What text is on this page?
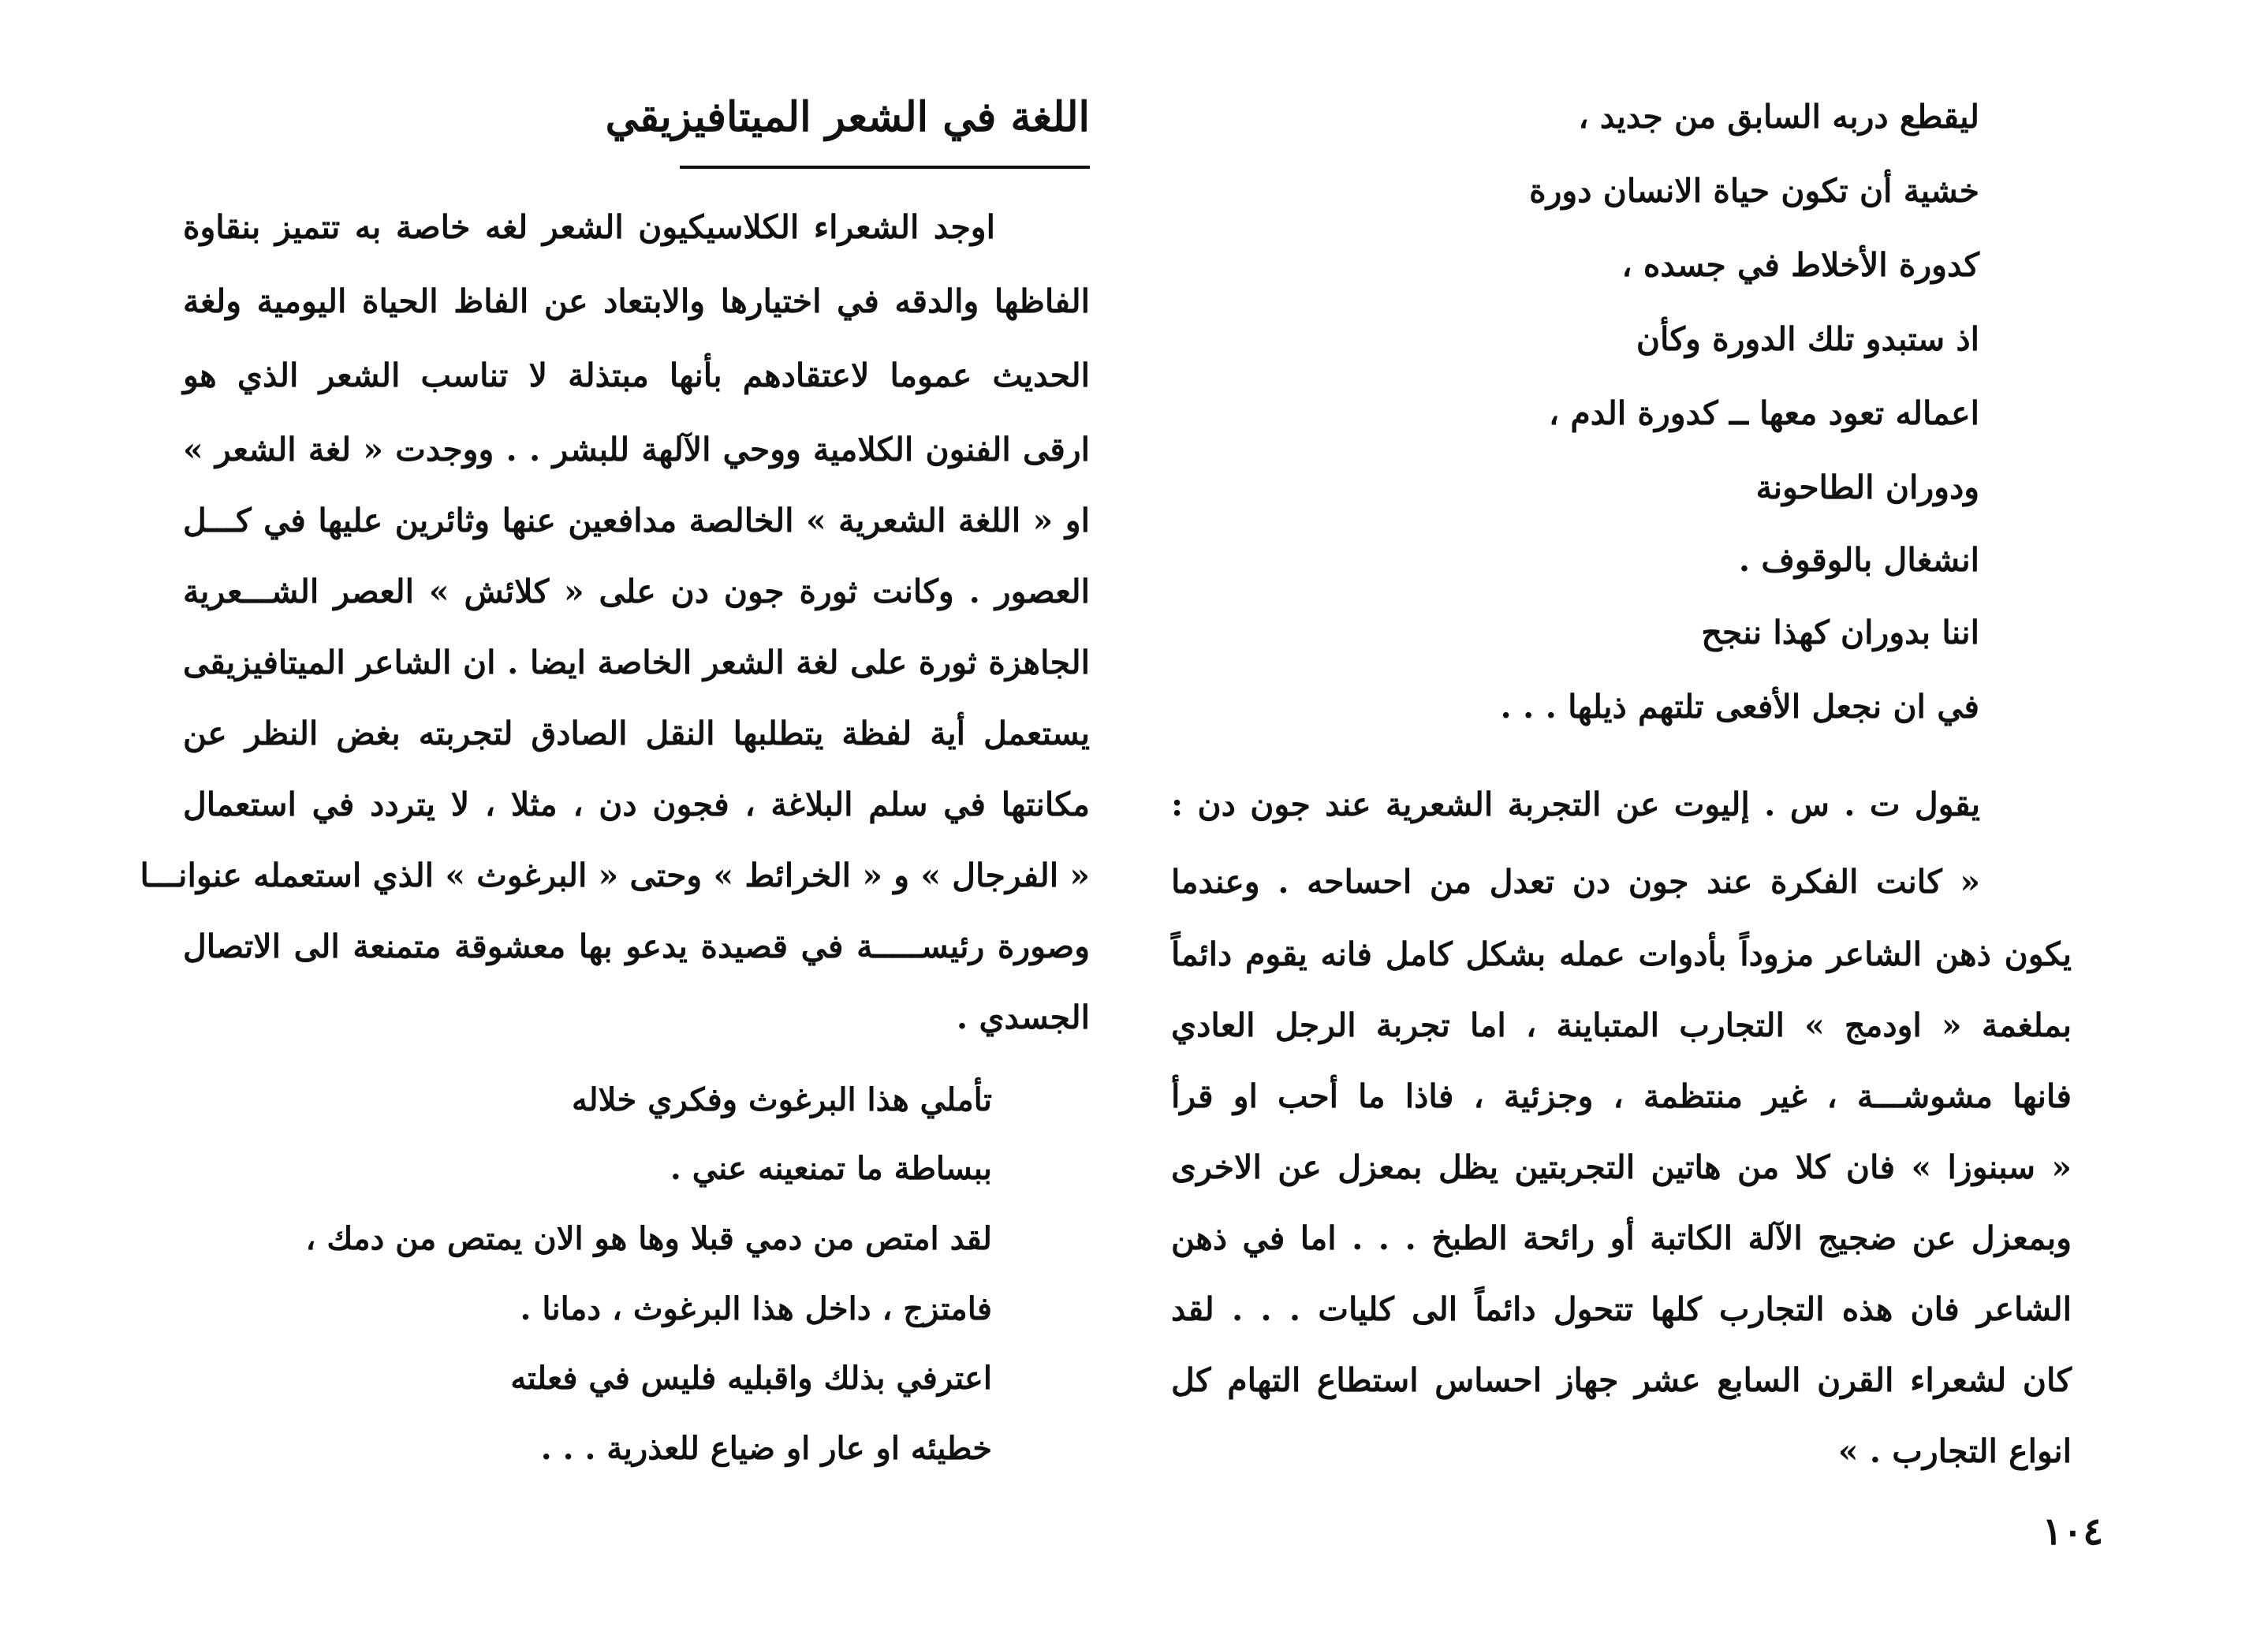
اللغة في الشعر الميتافيزيقي
اوجد الشعراء الكلاسيكيون الشعر لغه خاصة به تتميز بنقاوة
الفاظها والدقه في اختيارها والابتعاد عن الفاظ الحياة اليومية ولغة
الحديث عموما لاعتقادهم بأنها مبتذلة لا تناسب الشعر الذي هو
ارقى الفنون الكلامية ووحي الآلهة للبشر . . ووجدت « لغة الشعر »
او « اللغة الشعرية » الخالصة مدافعين عنها وثائرين عليها في كـــل
العصور . وكانت ثورة جون دن على « كلائش » العصر الشـــعرية
الجاهزة ثورة على لغة الشعر الخاصة ايضا . ان الشاعر الميتافيزيقى
يستعمل أية لفظة يتطلبها النقل الصادق لتجربته بغض النظر عن
مكانتها في سلم البلاغة ، فجون دن ، مثلا ، لا يتردد في استعمال
« الفرجال » و « الخرائط » وحتى « البرغوث » الذي استعمله عنوانـــا
وصورة رئيســـــة في قصيدة يدعو بها معشوقة متمنعة الى الاتصال
الجسدي .
تأملي هذا البرغوث وفكري خلاله
ببساطة ما تمنعينه عني .
لقد امتص من دمي قبلا وها هو الان يمتص من دمك ،
فامتزج ، داخل هذا البرغوث ، دمانا .
اعترفي بذلك واقبليه فليس في فعلته
خطيئه او عار او ضياع للعذرية . . .
ليقطع دربه السابق من جديد ،
خشية أن تكون حياة الانسان دورة
كدورة الأخلاط في جسده ،
اذ ستبدو تلك الدورة وكأن
اعماله تعود معها ــ كدورة الدم ،
ودوران الطاحونة
انشغال بالوقوف .
اننا بدوران كهذا ننجح
في ان نجعل الأفعى تلتهم ذيلها . . .
يقول ت . س . إليوت عن التجربة الشعرية عند جون دن :
« كانت الفكرة عند جون دن تعدل من احساحه . وعندما
يكون ذهن الشاعر مزوداً بأدوات عمله بشكل كامل فانه يقوم دائماً
بملغمة « اودمج » التجارب المتباينة ، اما تجربة الرجل العادي
فانها مشوشـــة ، غير منتظمة ، وجزئية ، فاذا ما أحب او قرأ
« سبنوزا » فان كلا من هاتين التجربتين يظل بمعزل عن الاخرى
وبمعزل عن ضجيج الآلة الكاتبة أو رائحة الطبخ . . . اما في ذهن
الشاعر فان هذه التجارب كلها تتحول دائماً الى كليات . . . لقد
كان لشعراء القرن السابع عشر جهاز احساس استطاع التهام كل
انواع التجارب . »
١٠٤
